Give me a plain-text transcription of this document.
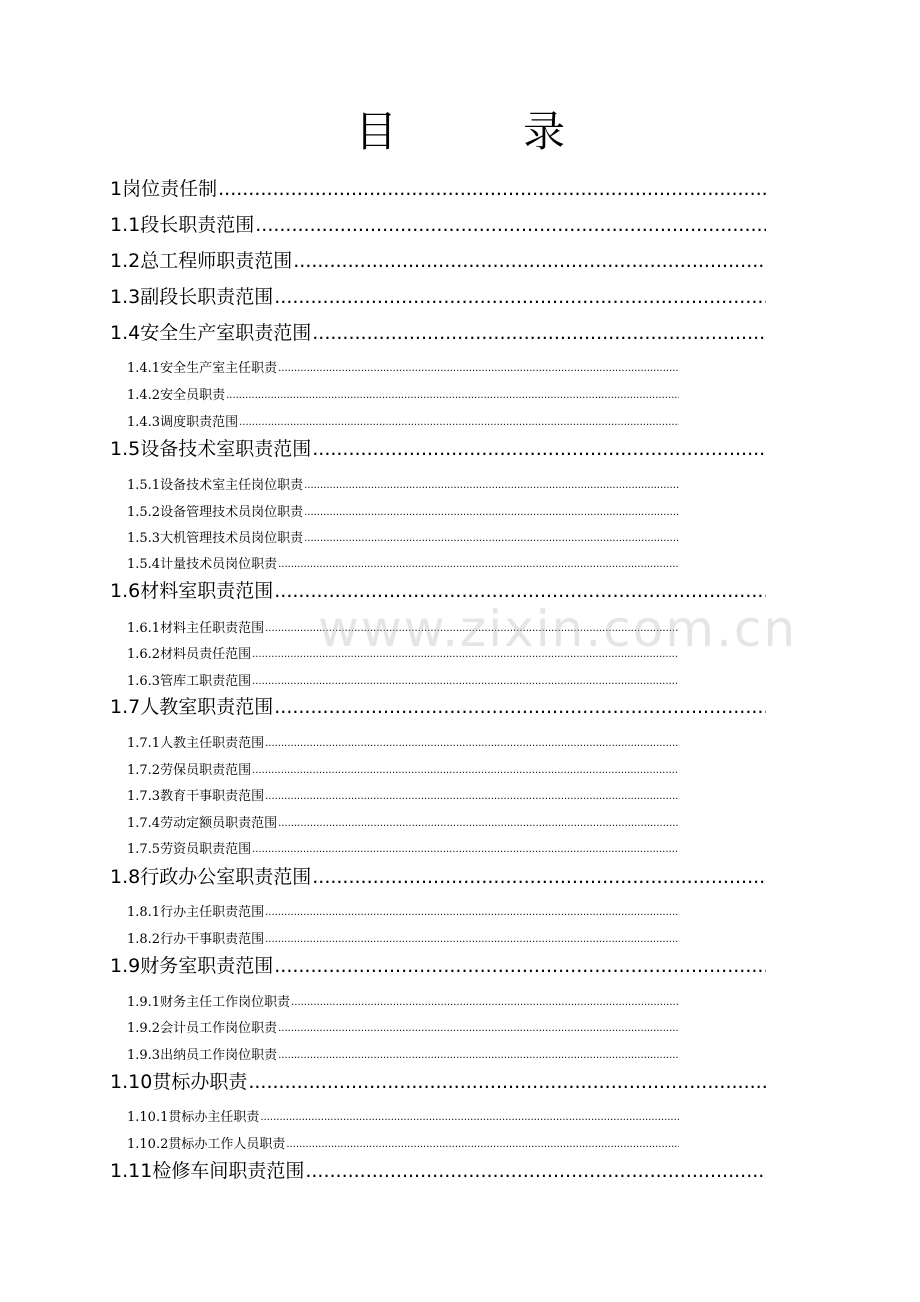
目　录
1 岗位责任制
.....
1.1 段长职责范围
.....
1.2 总工程师职责范围
.....
1.3 副段长职责范围
.....
1.4 安全生产室职责范围
.....
1.4.1 安全生产室主任职责
.....
1.4.2 安全员职责
.....
1.4.3 调度职责范围
.....
1.5 设备技术室职责范围
.....
1.5.1 设备技术室主任岗位职责
.....
1.5.2 设备管理技术员岗位职责
.....
1.5.3 大机管理技术员岗位职责
.....
1.5.4 计量技术员岗位职责
.....
1.6 材料室职责范围
.....
1.6.1 材料主任职责范围
.....
1.6.2 材料员责任范围
.....
1.6.3 管库工职责范围
.....
1.7 人教室职责范围
.....
1.7.1 人教主任职责范围
.....
1.7.2 劳保员职责范围
.....
1.7.3 教育干事职责范围
.....
1.7.4 劳动定额员职责范围
.....
1.7.5 劳资员职责范围
.....
1.8 行政办公室职责范围
.....
1.8.1 行办主任职责范围
.....
1.8.2 行办干事职责范围
.....
1.9 财务室职责范围
.....
1.9.1 财务主任工作岗位职责
.....
1.9.2 会计员工作岗位职责
.....
1.9.3 出纳员工作岗位职责
.....
1.10 贯标办职责
.....
1.10.1 贯标办主任职责
.....
1.10.2 贯标办工作人员职责
.....
1.11 检修车间职责范围
.....
www.zixin.com.cn
